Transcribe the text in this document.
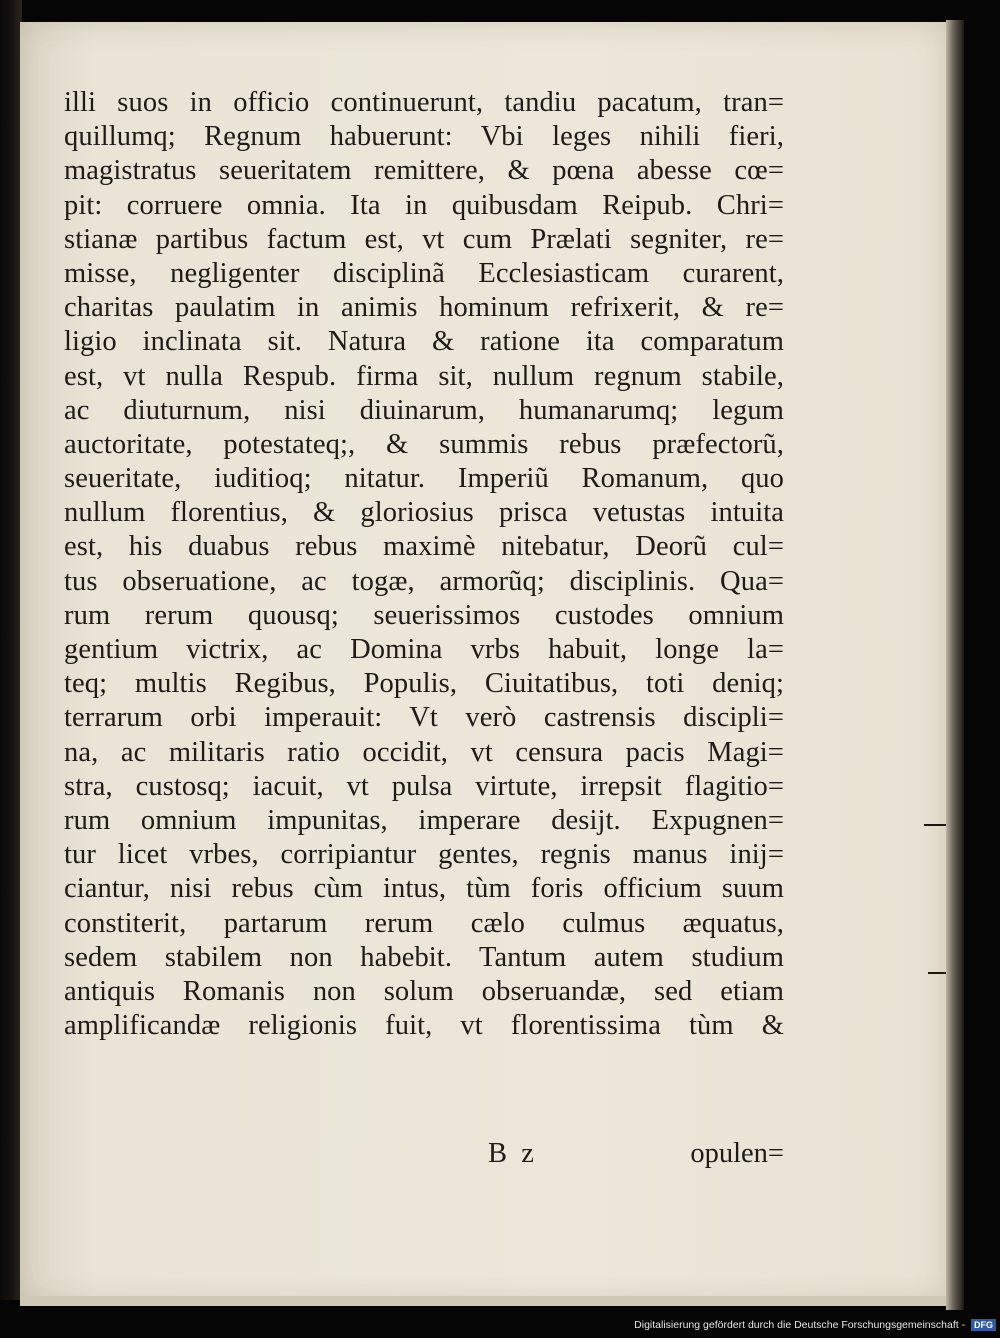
illi suos in officio continuerunt, tandiu pacatum, tran=
quillumq; Regnum habuerunt: Vbi leges nihili fieri,
magistratus seueritatem remittere, & pœna abesse cœ=
pit: corruere omnia. Ita in quibusdam Reipub. Chri=
stianæ partibus factum est, vt cum Prælati segniter, re=
misse, negligenter disciplinã Ecclesiasticam curarent,
charitas paulatim in animis hominum refrixerit, & re=
ligio inclinata sit. Natura & ratione ita comparatum
est, vt nulla Respub. firma sit, nullum regnum stabile,
ac diuturnum, nisi diuinarum, humanarumq; legum
auctoritate, potestateq;, & summis rebus præfectorũ,
seueritate, iuditioq; nitatur. Imperiũ Romanum, quo
nullum florentius, & gloriosius prisca vetustas intuita
est, his duabus rebus maximè nitebatur, Deorũ cul=
tus obseruatione, ac togæ, armorũq; disciplinis. Qua=
rum rerum quousq; seuerissimos custodes omnium
gentium victrix, ac Domina vrbs habuit, longe la=
teq; multis Regibus, Populis, Ciuitatibus, toti deniq;
terrarum orbi imperauit: Vt verò castrensis discipli=
na, ac militaris ratio occidit, vt censura pacis Magi=
stra, custosq; iacuit, vt pulsa virtute, irrepsit flagitio=
rum omnium impunitas, imperare desijt. Expugnen=
tur licet vrbes, corripiantur gentes, regnis manus inij=
ciantur, nisi rebus cùm intus, tùm foris officium suum
constiterit, partarum rerum cælo culmus æquatus,
sedem stabilem non habebit. Tantum autem studium
antiquis Romanis non solum obseruandæ, sed etiam
amplificandæ religionis fuit, vt florentissima tùm &
B  z	opulen=
Digitalisierung gefördert durch die Deutsche Forschungsgemeinschaft - DFG
